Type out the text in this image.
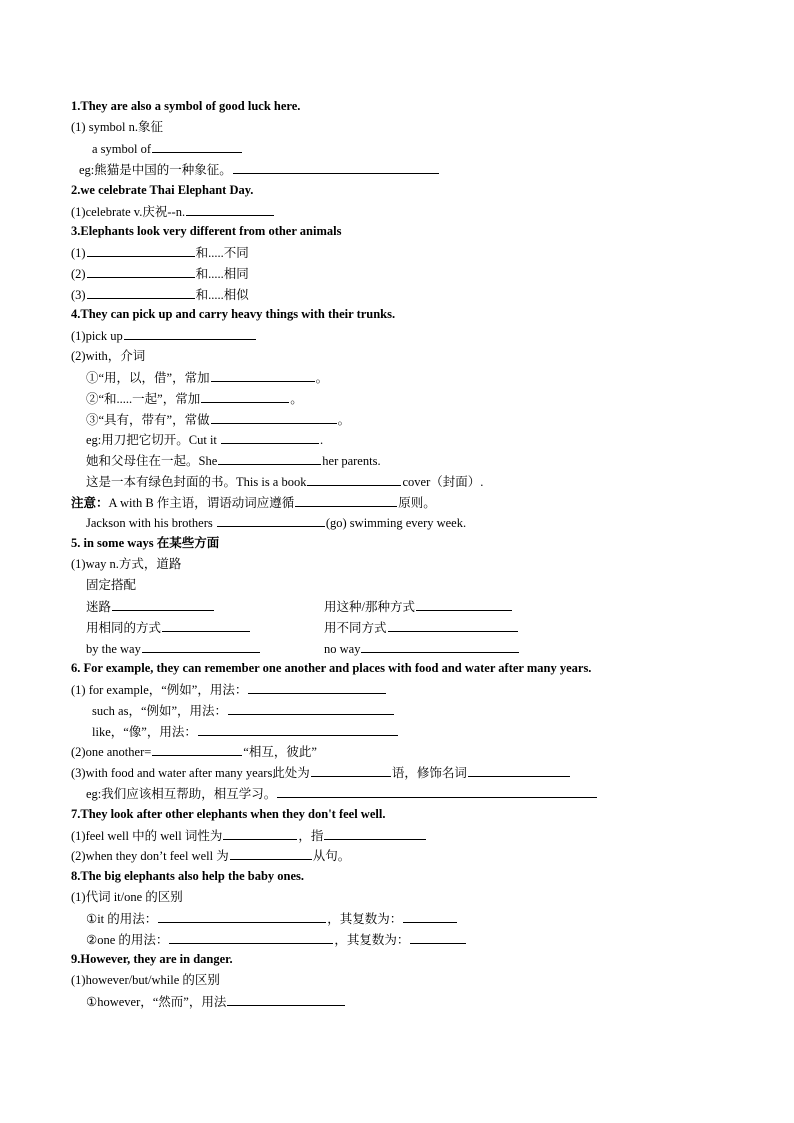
1.They are also a symbol of good luck here.
(1) symbol n.象征
a symbol of
eg:熊猫是中国的一种象征。
2.we celebrate Thai Elephant Day.
(1)celebrate v.庆祝--n.
3.Elephants look very different from other animals
(1)	和.....不同
(2)	和.....相同
(3)	和.....相似
4.They can pick up and carry heavy things with their trunks.
(1)pick up
(2)with，介词
①“用，以，借”，常加	。
②“和.....一起”，常加	。
③“具有，带有”，常做	。
eg:用刀把它切开。Cut it	.
她和父母住在一起。She	her parents.
这是一本有绿色封面的书。This is a book	cover（封面）.
注意：A with B 作主语，谓语动词应遵循	原则。
Jackson with his brothers	(go) swimming every week.
5. in some ways 在某些方面
(1)way n.方式，道路
固定搭配
迷路	用这种/那种方式
用相同的方式	用不同方式
by the way	no way
6. For example, they can remember one another and places with food and water after many years.
(1) for example，“例如”，用法：
such as，“例如”，用法：
like，“像”，用法：
(2)one another=	“相互，彼此”
(3)with food and water after many years此处为	语，修饰名词
eg:我们应该相互帮助，相互学习。
7.They look after other elephants when they don't feel well.
(1)feel well 中的 well 词性为	，指
(2)when they don’t feel well 为	从句。
8.The big elephants also help the baby ones.
(1)代词 it/one 的区别
①it 的用法：	，其复数为：
②one 的用法：	，其复数为：
9.However, they are in danger.
(1)however/but/while 的区别
①however，“然而”，用法
